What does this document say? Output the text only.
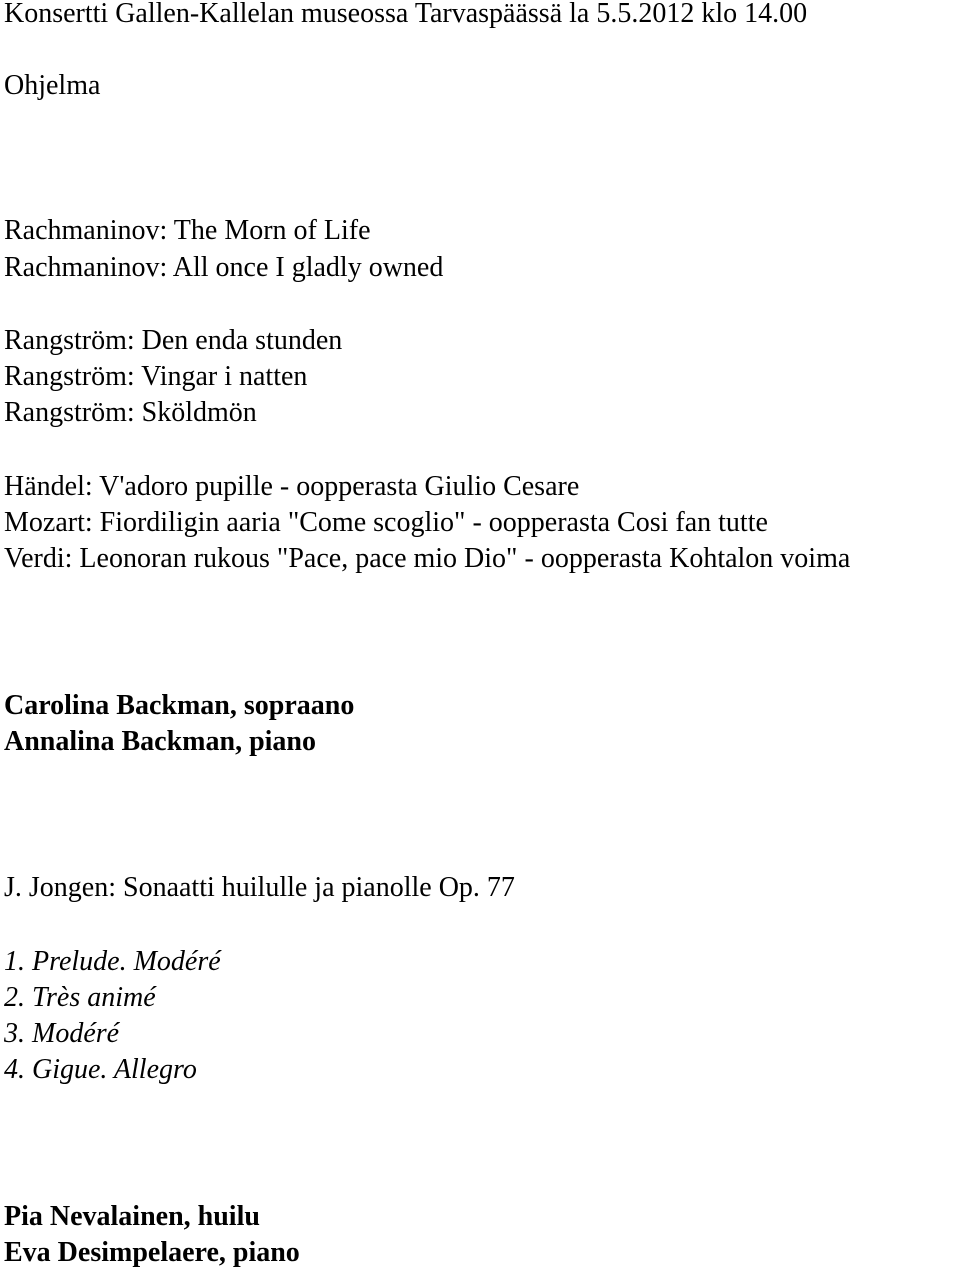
Konsertti Gallen-Kallelan museossa Tarvaspäässä la 5.5.2012 klo 14.00

Ohjelma

Rachmaninov: The Morn of Life

Rachmaninov: All once I gladly owned

Rangström: Den enda stunden

Rangström: Vingar i natten

Rangström: Sköldmön

Händel: V'adoro pupille - oopperasta Giulio Cesare

Mozart: Fiordiligin aaria "Come scoglio" - oopperasta Cosi fan tutte

Verdi: Leonoran rukous "Pace, pace mio Dio" - oopperasta Kohtalon voima

Carolina Backman, sopraano

Annalina Backman, piano

J. Jongen: Sonaatti huilulle ja pianolle Op. 77

1. Prelude. Modéré

2. Très animé

3. Modéré

4. Gigue. Allegro

Pia Nevalainen, huilu

Eva Desimpelaere, piano
